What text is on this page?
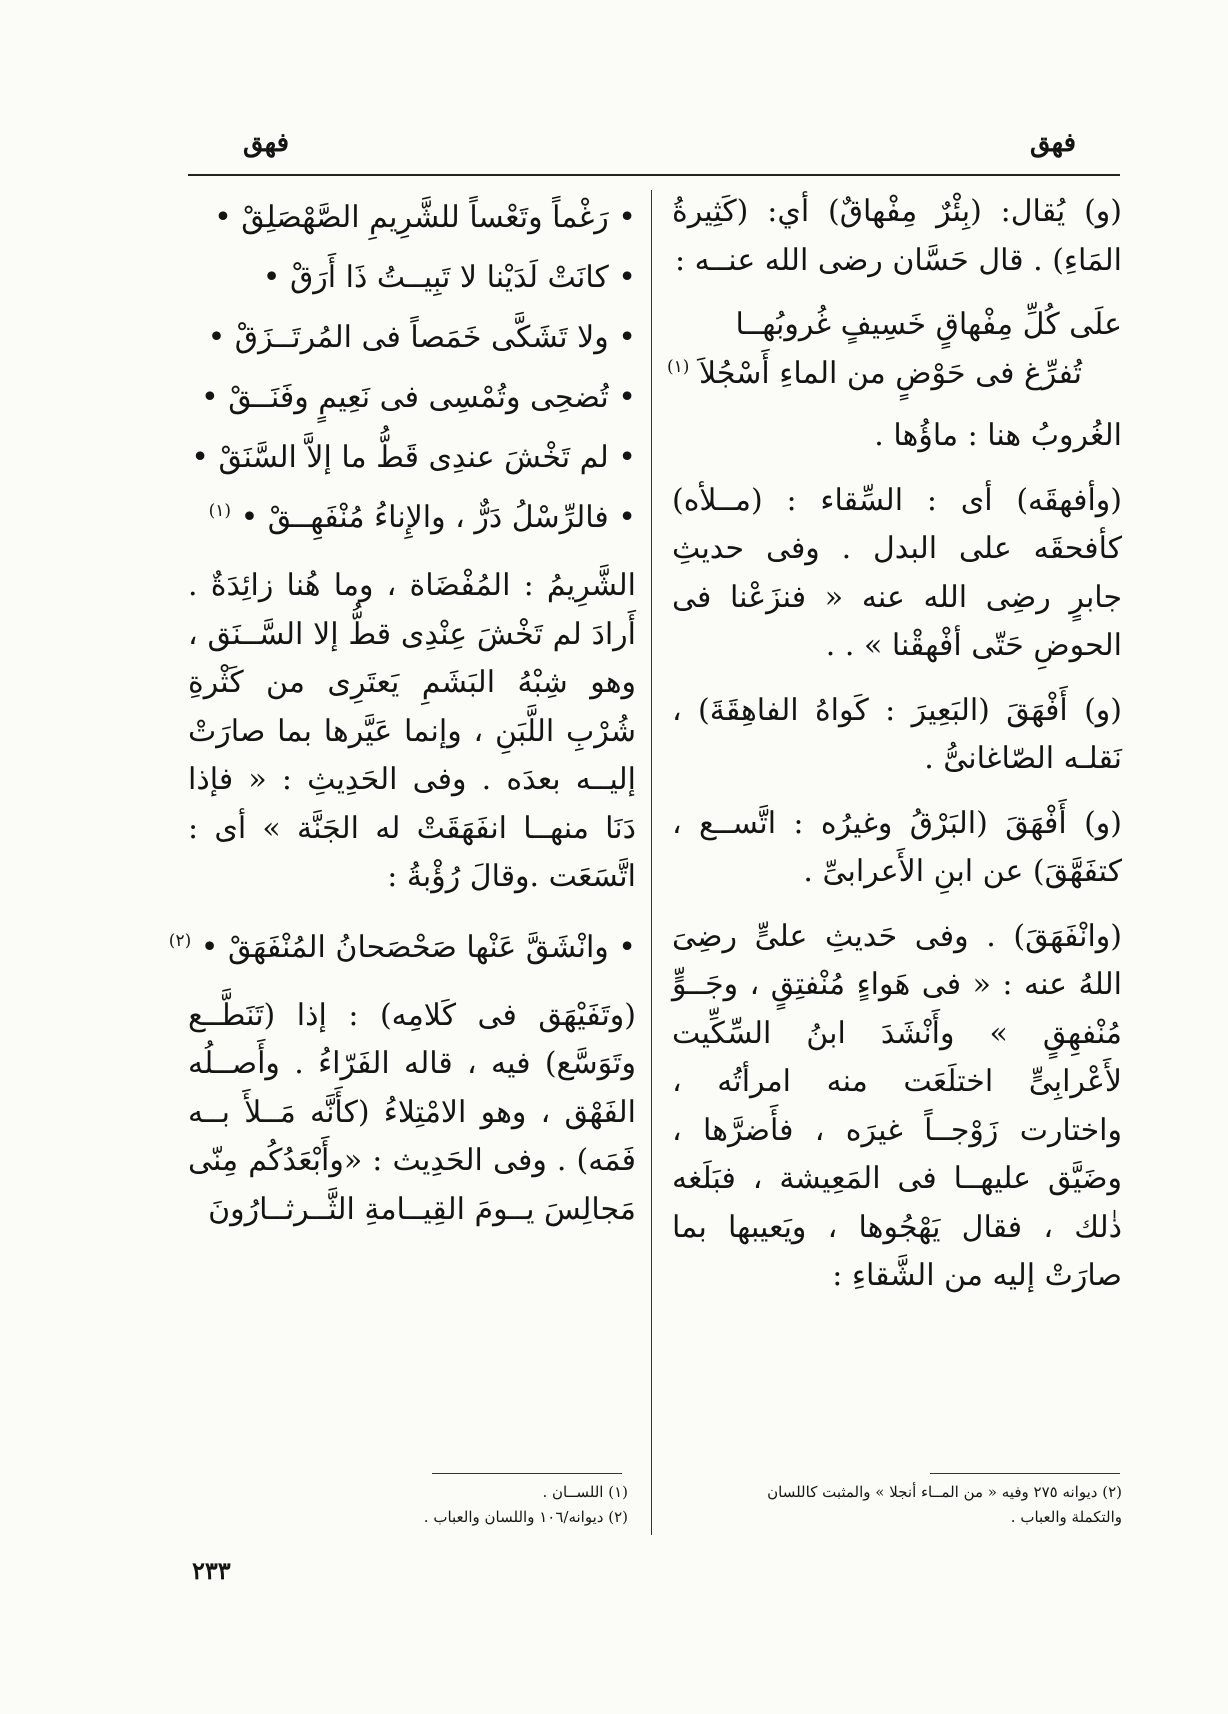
فهق	فهق

(و) يُقال: (بِئْرٌ مِفْهاقٌ) أي: (كَثِيرةُ المَاءِ) . قال حَسَّان رضى الله عنــه :

علَى كُلِّ مِفْهاقٍ خَسِيفٍ غُروبُهــا
تُفرِّغ فى حَوْضٍ من الماءِ أَسْجُلاَ $^{(١)}$

الغُروبُ هنا : ماؤُها .

(وأفهقَه) أى : السِّقاء : (مــلأه) كأفحقَه على البدل . وفى حديثِ جابرٍ رضِى الله عنه « فنزَعْنا فى الحوضِ حَتّى أفْهقْنا » . .

(و) أَفْهَقَ (البَعِيرَ : كَواهُ الفاهِقَةَ) ، نَقلـه الصّاغانىُّ .

(و) أَفْهَقَ (البَرْقُ وغيرُه : اتَّســع ، كتفَهَّقَ) عن ابنِ الأَعرابىِّ .

(وانْفَهَقَ) . وفى حَديثِ علىٍّ رضِىَ اللهُ عنه : « فى هَواءٍ مُنْفتِقٍ ، وجَــوٍّ مُنْفهِقٍ » وأَنْشَدَ ابنُ السِّكِّيت لأَعْرابِىٍّ اختلَعَت منه امرأتُه ، واختارت زَوْجــاً غيرَه ، فأَضرَّها ، وضَيَّق عليهــا فى المَعِيشة ، فبَلَغه ذٰلك ، فقال يَهْجُوها ، ويَعيبها بما صارَتْ إليه من الشَّقاءِ :

• رَغْماً وتَعْساً للشَّرِيمِ الصَّهْصَلِقْ •
• كانَتْ لَدَيْنا لا تَبِيــتُ ذَا أَرَقْ •
• ولا تَشَكَّى خَمَصاً فى المُرتَــزَقْ •
• تُضحِى وتُمْسِى فى نَعِيمٍ وفَنَــقْ •
• لم تَخْشَ عندِى قَطُّ ما إلاَّ السَّنَقْ •
• فالرِّسْلُ دَرٌّ ، والإِناءُ مُنْفَهِــقْ • $^{(١)}$

الشَّرِيمُ : المُفْضَاة ، وما هُنا زائِدَةٌ . أَرادَ لم تَخْشَ عِنْدِى قطُّ إلا السَّــنَق ، وهو شِبْهُ البَشَمِ يَعتَرِى من كَثْرةِ شُرْبِ اللَّبَنِ ، وإنما عَيَّرها بما صارَتْ إليــه بعدَه . وفى الحَدِيثِ : « فإذا دَنَا منهــا انفَهَقَتْ له الجَنَّة » أى : اتَّسَعَت .وقالَ رُؤْبةُ :

• وانْشَقَّ عَنْها صَحْصَحانُ المُنْفَهَقْ • $^{(٢)}$

(وتَفَيْهَق فى كَلامِه) : إذا (تَنَطَّــع وتَوَسَّع) فيه ، قاله الفَرّاءُ . وأَصــلُه الفَهْق ، وهو الامْتِلاءُ (كأَنَّه مَــلأَ بــه فَمَه) . وفى الحَدِيث : «وأَبْعَدُكُم مِنّى مَجالِسَ يــومَ القِيــامةِ الثَّــرثــارُونَ

(٢) ديوانه ٢٧٥ وفيه « من المــاء أنجلا » والمثبت كاللسان
والتكملة والعباب .
(١) اللســان .
(٢) ديوانه/١٠٦ واللسان والعباب .
٢٣٣
